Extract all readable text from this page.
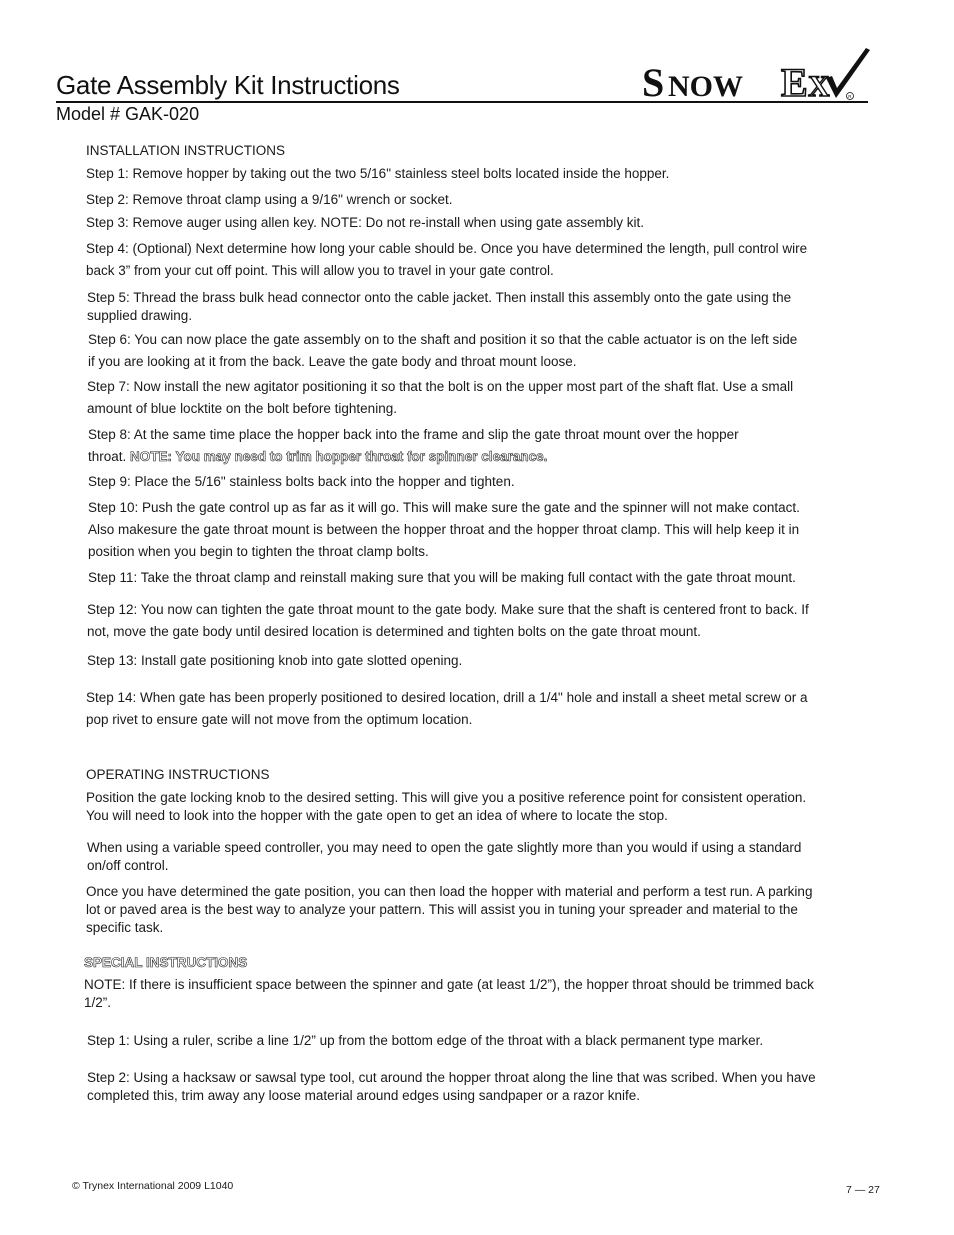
Gate Assembly Kit Instructions
Model # GAK-020
S NOW E X	R
INSTALLATION INSTRUCTIONS
Step 1: Remove hopper by taking out the two 5/16" stainless steel bolts located inside the hopper.
Step 2: Remove throat clamp using a 9/16" wrench or socket.
Step 3: Remove auger using allen key. NOTE: Do not re-install when using gate assembly kit.
Step 4: (Optional) Next determine how long your cable should be. Once you have determined the length, pull control wire
back 3” from your cut off point. This will allow you to travel in your gate control.
Step 5: Thread the brass bulk head connector onto the cable jacket. Then install this assembly onto the gate using the
supplied drawing.
Step 6: You can now place the gate assembly on to the shaft and position it so that the cable actuator is on the left side
if you are looking at it from the back. Leave the gate body and throat mount loose.
Step 7: Now install the new agitator positioning it so that the bolt is on the upper most part of the shaft flat. Use a small
amount of blue locktite on the bolt before tightening.
Step 8: At the same time place the hopper back into the frame and slip the gate throat mount over the hopper
throat. NOTE: You may need to trim hopper throat for spinner clearance.
Step 9: Place the 5/16" stainless bolts back into the hopper and tighten.
Step 10: Push the gate control up as far as it will go. This will make sure the gate and the spinner will not make contact.
Also makesure the gate throat mount is between the hopper throat and the hopper throat clamp. This will help keep it in
position when you begin to tighten the throat clamp bolts.
Step 11: Take the throat clamp and reinstall making sure that you will be making full contact with the gate throat mount.
Step 12: You now can tighten the gate throat mount to the gate body. Make sure that the shaft is centered front to back. If
not, move the gate body until desired location is determined and tighten bolts on the gate throat mount.
Step 13: Install gate positioning knob into gate slotted opening.
Step 14: When gate has been properly positioned to desired location, drill a 1/4" hole and install a sheet metal screw or a
pop rivet to ensure gate will not move from the optimum location.
OPERATING INSTRUCTIONS
Position the gate locking knob to the desired setting. This will give you a positive reference point for consistent operation.
You will need to look into the hopper with the gate open to get an idea of where to locate the stop.
When using a variable speed controller, you may need to open the gate slightly more than you would if using a standard
on/off control.
Once you have determined the gate position, you can then load the hopper with material and perform a test run. A parking
lot or paved area is the best way to analyze your pattern. This will assist you in tuning your spreader and material to the
specific task.
SPECIAL INSTRUCTIONS
NOTE: If there is insufficient space between the spinner and gate (at least 1/2”), the hopper throat should be trimmed back
1/2”.
Step 1: Using a ruler, scribe a line 1/2” up from the bottom edge of the throat with a black permanent type marker.
Step 2: Using a hacksaw or sawsal type tool, cut around the hopper throat along the line that was scribed. When you have
completed this, trim away any loose material around edges using sandpaper or a razor knife.
© Trynex International 2009 L1040	7 — 27
